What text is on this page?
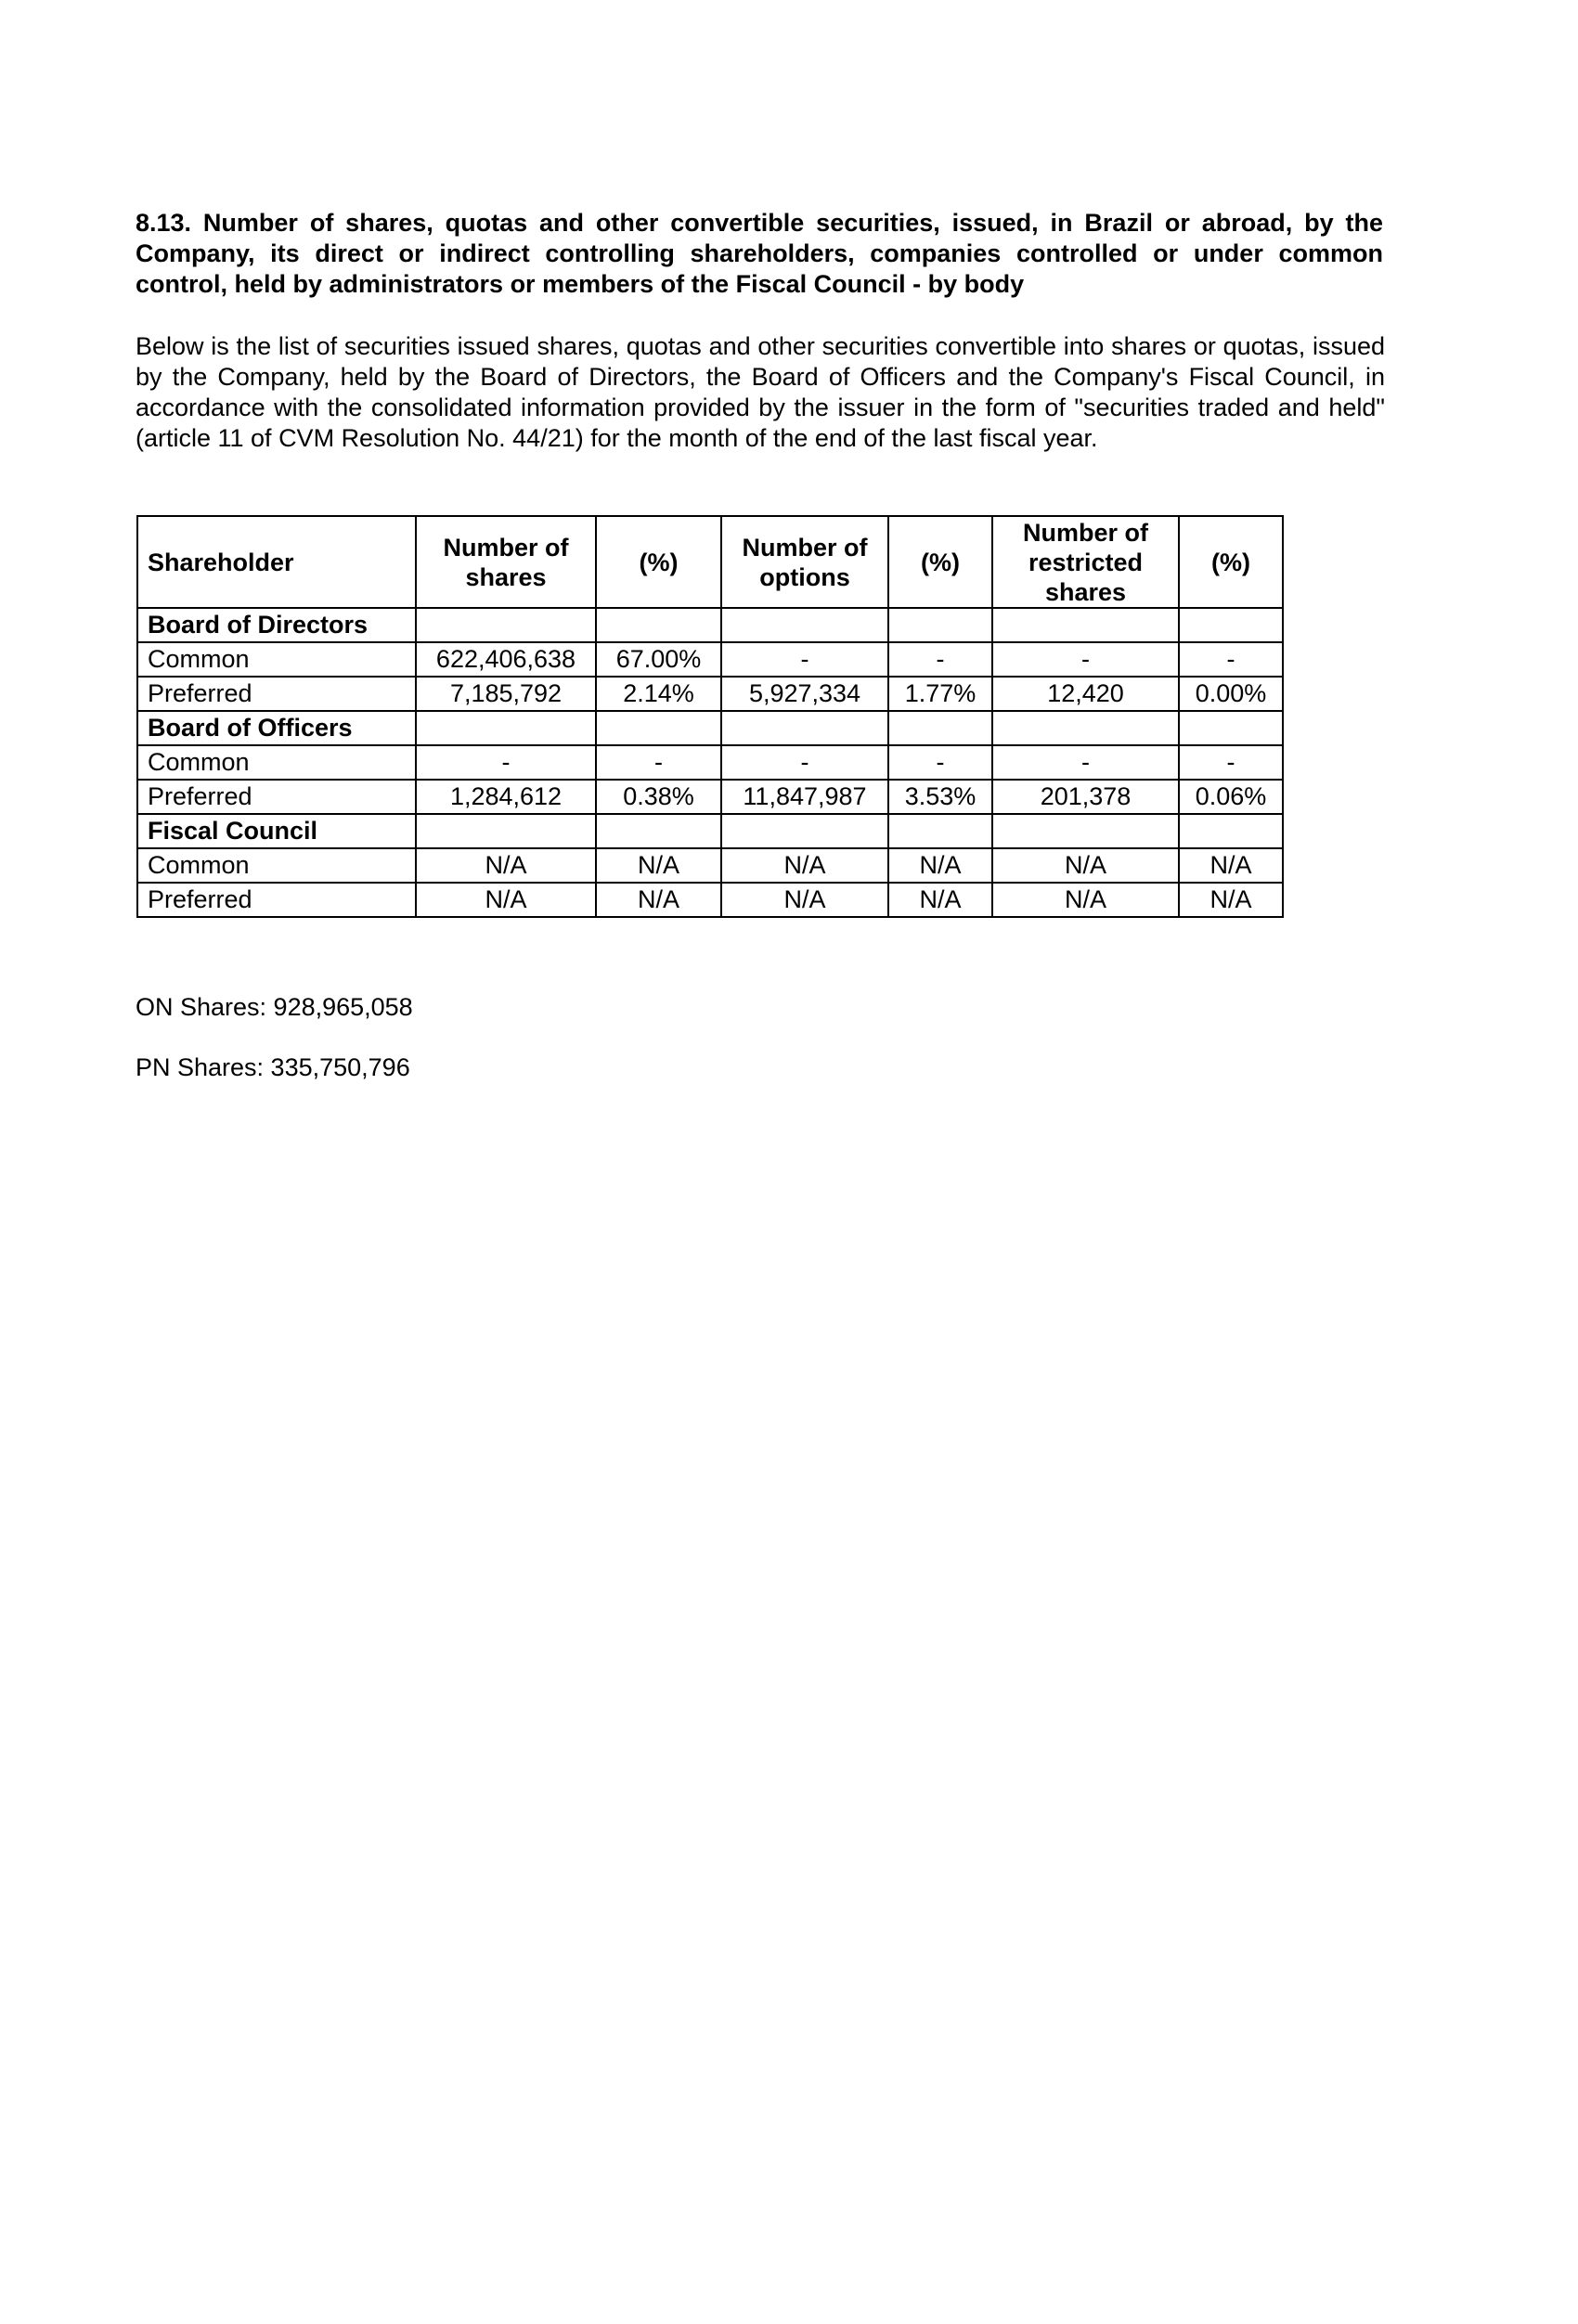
8.13. Number of shares, quotas and other convertible securities, issued, in Brazil or abroad, by the Company, its direct or indirect controlling shareholders, companies controlled or under common control, held by administrators or members of the Fiscal Council - by body
Below is the list of securities issued shares, quotas and other securities convertible into shares or quotas, issued by the Company, held by the Board of Directors, the Board of Officers and the Company's Fiscal Council, in accordance with the consolidated information provided by the issuer in the form of "securities traded and held" (article 11 of CVM Resolution No. 44/21) for the month of the end of the last fiscal year.
Shareholder	Number of shares	(%)	Number of options	(%)	Number of restricted shares	(%)
Board of Directors						
Common	622,406,638	67.00%	-	-	-	-
Preferred	7,185,792	2.14%	5,927,334	1.77%	12,420	0.00%
Board of Officers						
Common	-	-	-	-	-	-
Preferred	1,284,612	0.38%	11,847,987	3.53%	201,378	0.06%
Fiscal Council						
Common	N/A	N/A	N/A	N/A	N/A	N/A
Preferred	N/A	N/A	N/A	N/A	N/A	N/A
ON Shares: 928,965,058
PN Shares: 335,750,796
